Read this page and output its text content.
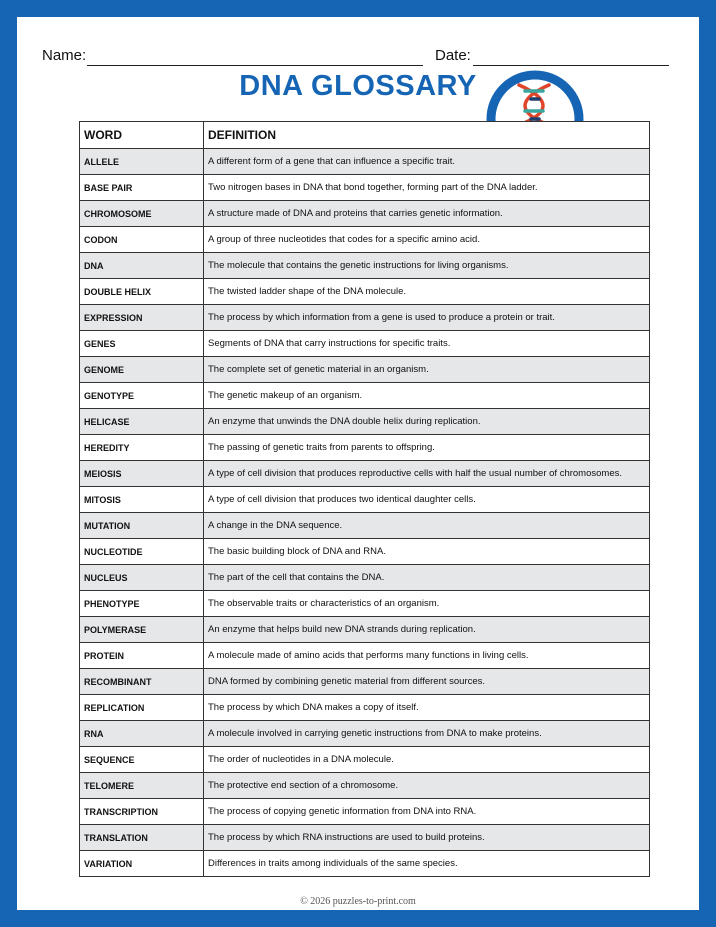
Name:	Date:
DNA GLOSSARY
WORD	DEFINITION
ALLELE	A different form of a gene that can influence a specific trait.
BASE PAIR	Two nitrogen bases in DNA that bond together, forming part of the DNA ladder.
CHROMOSOME	A structure made of DNA and proteins that carries genetic information.
CODON	A group of three nucleotides that codes for a specific amino acid.
DNA	The molecule that contains the genetic instructions for living organisms.
DOUBLE HELIX	The twisted ladder shape of the DNA molecule.
EXPRESSION	The process by which information from a gene is used to produce a protein or trait.
GENES	Segments of DNA that carry instructions for specific traits.
GENOME	The complete set of genetic material in an organism.
GENOTYPE	The genetic makeup of an organism.
HELICASE	An enzyme that unwinds the DNA double helix during replication.
HEREDITY	The passing of genetic traits from parents to offspring.
MEIOSIS	A type of cell division that produces reproductive cells with half the usual number of chromosomes.
MITOSIS	A type of cell division that produces two identical daughter cells.
MUTATION	A change in the DNA sequence.
NUCLEOTIDE	The basic building block of DNA and RNA.
NUCLEUS	The part of the cell that contains the DNA.
PHENOTYPE	The observable traits or characteristics of an organism.
POLYMERASE	An enzyme that helps build new DNA strands during replication.
PROTEIN	A molecule made of amino acids that performs many functions in living cells.
RECOMBINANT	DNA formed by combining genetic material from different sources.
REPLICATION	The process by which DNA makes a copy of itself.
RNA	A molecule involved in carrying genetic instructions from DNA to make proteins.
SEQUENCE	The order of nucleotides in a DNA molecule.
TELOMERE	The protective end section of a chromosome.
TRANSCRIPTION	The process of copying genetic information from DNA into RNA.
TRANSLATION	The process by which RNA instructions are used to build proteins.
VARIATION	Differences in traits among individuals of the same species.
© 2026 puzzles-to-print.com
